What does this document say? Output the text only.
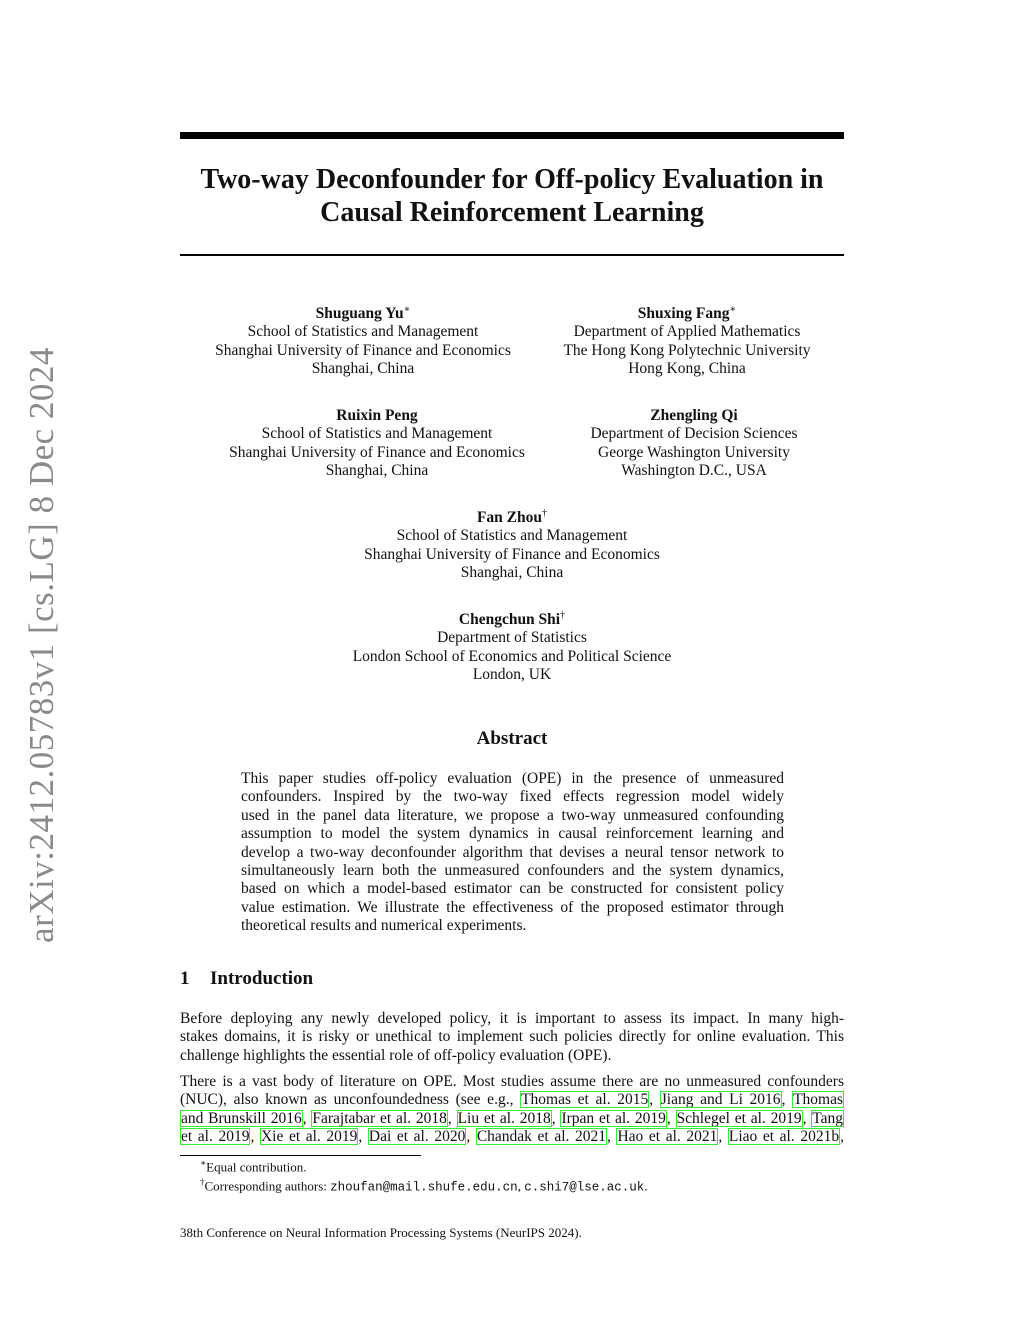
arXiv:2412.05783v1 [cs.LG] 8 Dec 2024
Two-way Deconfounder for Off-policy Evaluation in
Causal Reinforcement Learning
Shuguang Yu∗
School of Statistics and Management
Shanghai University of Finance and Economics
Shanghai, China
Shuxing Fang∗
Department of Applied Mathematics
The Hong Kong Polytechnic University
Hong Kong, China
Ruixin Peng
School of Statistics and Management
Shanghai University of Finance and Economics
Shanghai, China
Zhengling Qi
Department of Decision Sciences
George Washington University
Washington D.C., USA
Fan Zhou†
School of Statistics and Management
Shanghai University of Finance and Economics
Shanghai, China
Chengchun Shi†
Department of Statistics
London School of Economics and Political Science
London, UK
Abstract
This paper studies off-policy evaluation (OPE) in the presence of unmeasured
confounders. Inspired by the two-way fixed effects regression model widely
used in the panel data literature, we propose a two-way unmeasured confounding
assumption to model the system dynamics in causal reinforcement learning and
develop a two-way deconfounder algorithm that devises a neural tensor network to
simultaneously learn both the unmeasured confounders and the system dynamics,
based on which a model-based estimator can be constructed for consistent policy
value estimation. We illustrate the effectiveness of the proposed estimator through
theoretical results and numerical experiments.
1 Introduction
Before deploying any newly developed policy, it is important to assess its impact. In many high-
stakes domains, it is risky or unethical to implement such policies directly for online evaluation. This
challenge highlights the essential role of off-policy evaluation (OPE).
There is a vast body of literature on OPE. Most studies assume there are no unmeasured confounders
(NUC), also known as unconfoundedness (see e.g., Thomas et al. 2015, Jiang and Li 2016, Thomas
and Brunskill 2016, Farajtabar et al. 2018, Liu et al. 2018, Irpan et al. 2019, Schlegel et al. 2019, Tang
et al. 2019, Xie et al. 2019, Dai et al. 2020, Chandak et al. 2021, Hao et al. 2021, Liao et al. 2021b,
∗Equal contribution.
†Corresponding authors: zhoufan@mail.shufe.edu.cn, c.shi7@lse.ac.uk.
38th Conference on Neural Information Processing Systems (NeurIPS 2024).
